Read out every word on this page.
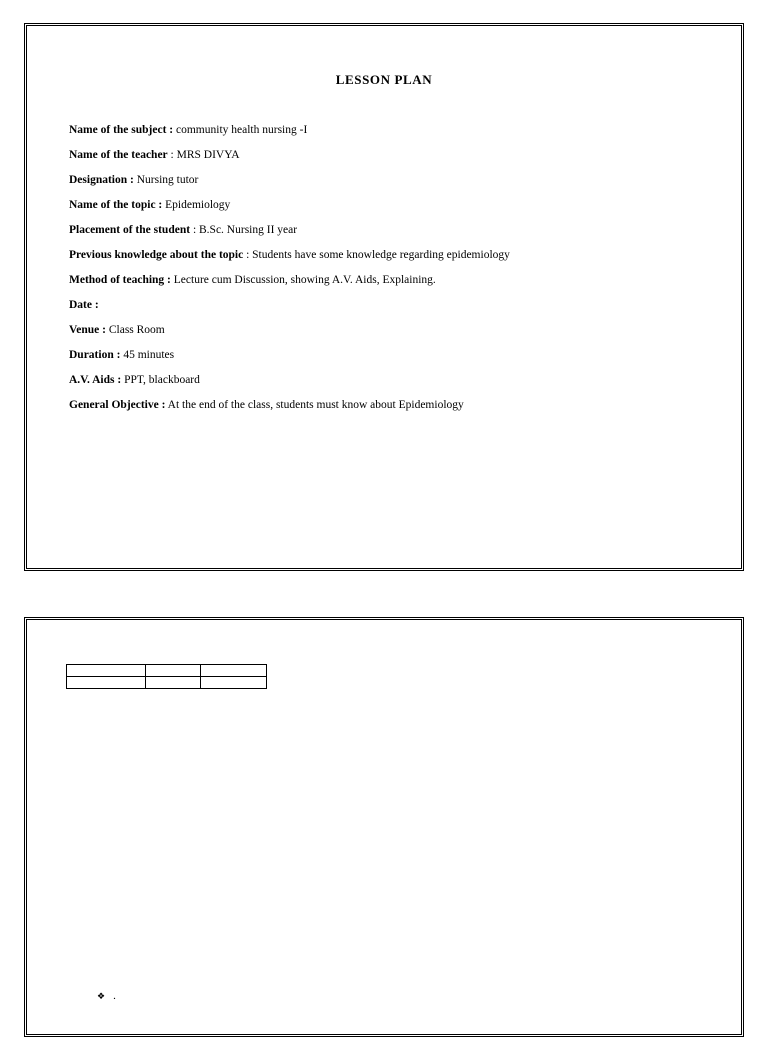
LESSON PLAN
Name of the subject : community health nursing -I
Name of the teacher : MRS DIVYA
Designation : Nursing tutor
Name of the topic : Epidemiology
Placement of the student : B.Sc. Nursing II year
Previous knowledge about the topic : Students have some knowledge regarding epidemiology
Method of teaching : Lecture cum Discussion, showing A.V. Aids, Explaining.
Date :
Venue : Class Room
Duration : 45 minutes
A.V. Aids : PPT, blackboard
General Objective : At the end of the class, students must know about Epidemiology

❖ .
